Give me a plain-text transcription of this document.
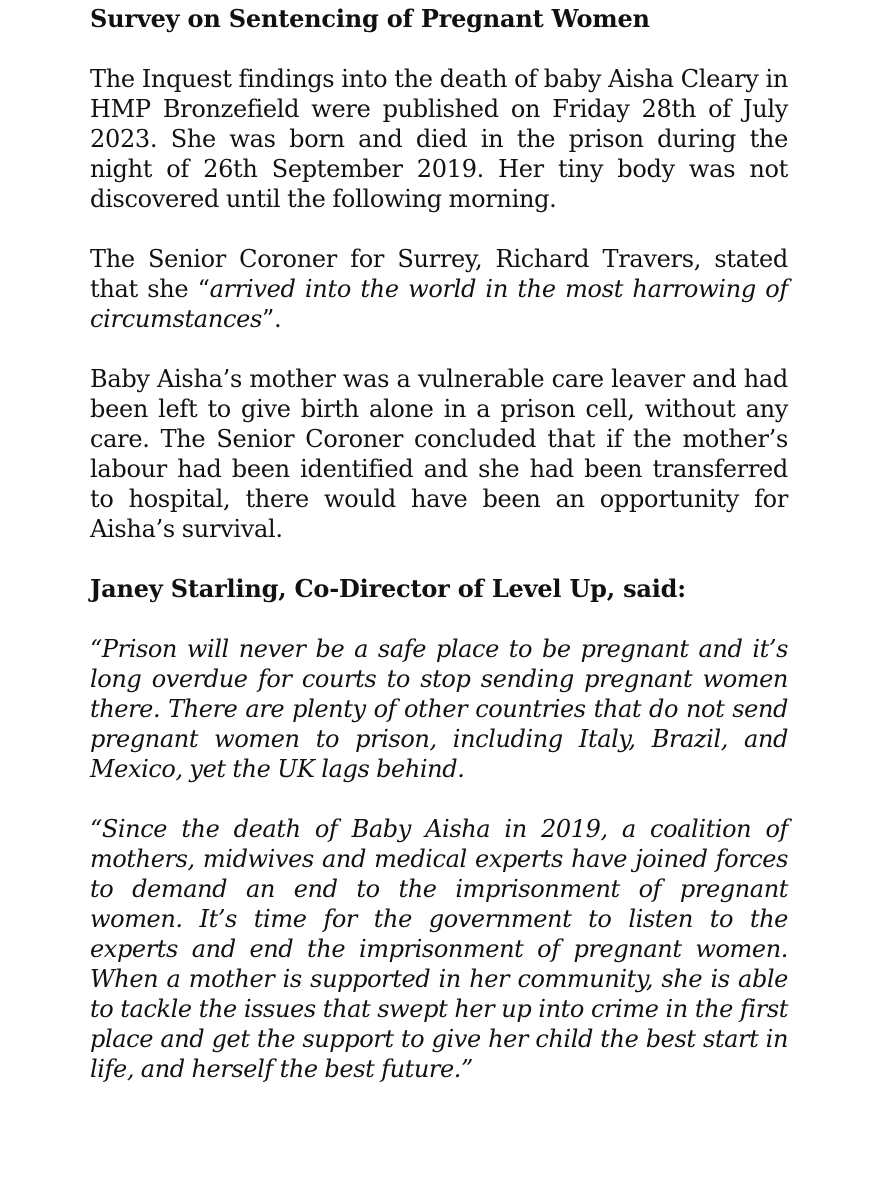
Survey on Sentencing of Pregnant Women

The Inquest findings into the death of baby Aisha Cleary in HMP Bronzefield were published on Friday 28th of July 2023. She was born and died in the prison during the night of 26th September 2019. Her tiny body was not discovered until the following morning.

The Senior Coroner for Surrey, Richard Travers, stated that she “arrived into the world in the most harrowing of circumstances”.

Baby Aisha’s mother was a vulnerable care leaver and had been left to give birth alone in a prison cell, without any care. The Senior Coroner concluded that if the mother’s labour had been identified and she had been transferred to hospital, there would have been an opportunity for Aisha’s survival.

Janey Starling, Co-Director of Level Up, said:

“Prison will never be a safe place to be pregnant and it’s long overdue for courts to stop sending pregnant women there. There are plenty of other countries that do not send pregnant women to prison, including Italy, Brazil, and Mexico, yet the UK lags behind.

“Since the death of Baby Aisha in 2019, a coalition of mothers, midwives and medical experts have joined forces to demand an end to the imprisonment of pregnant women. It’s time for the government to listen to the experts and end the imprisonment of pregnant women. When a mother is supported in her community, she is able to tackle the issues that swept her up into crime in the first place and get the support to give her child the best start in life, and herself the best future.”
